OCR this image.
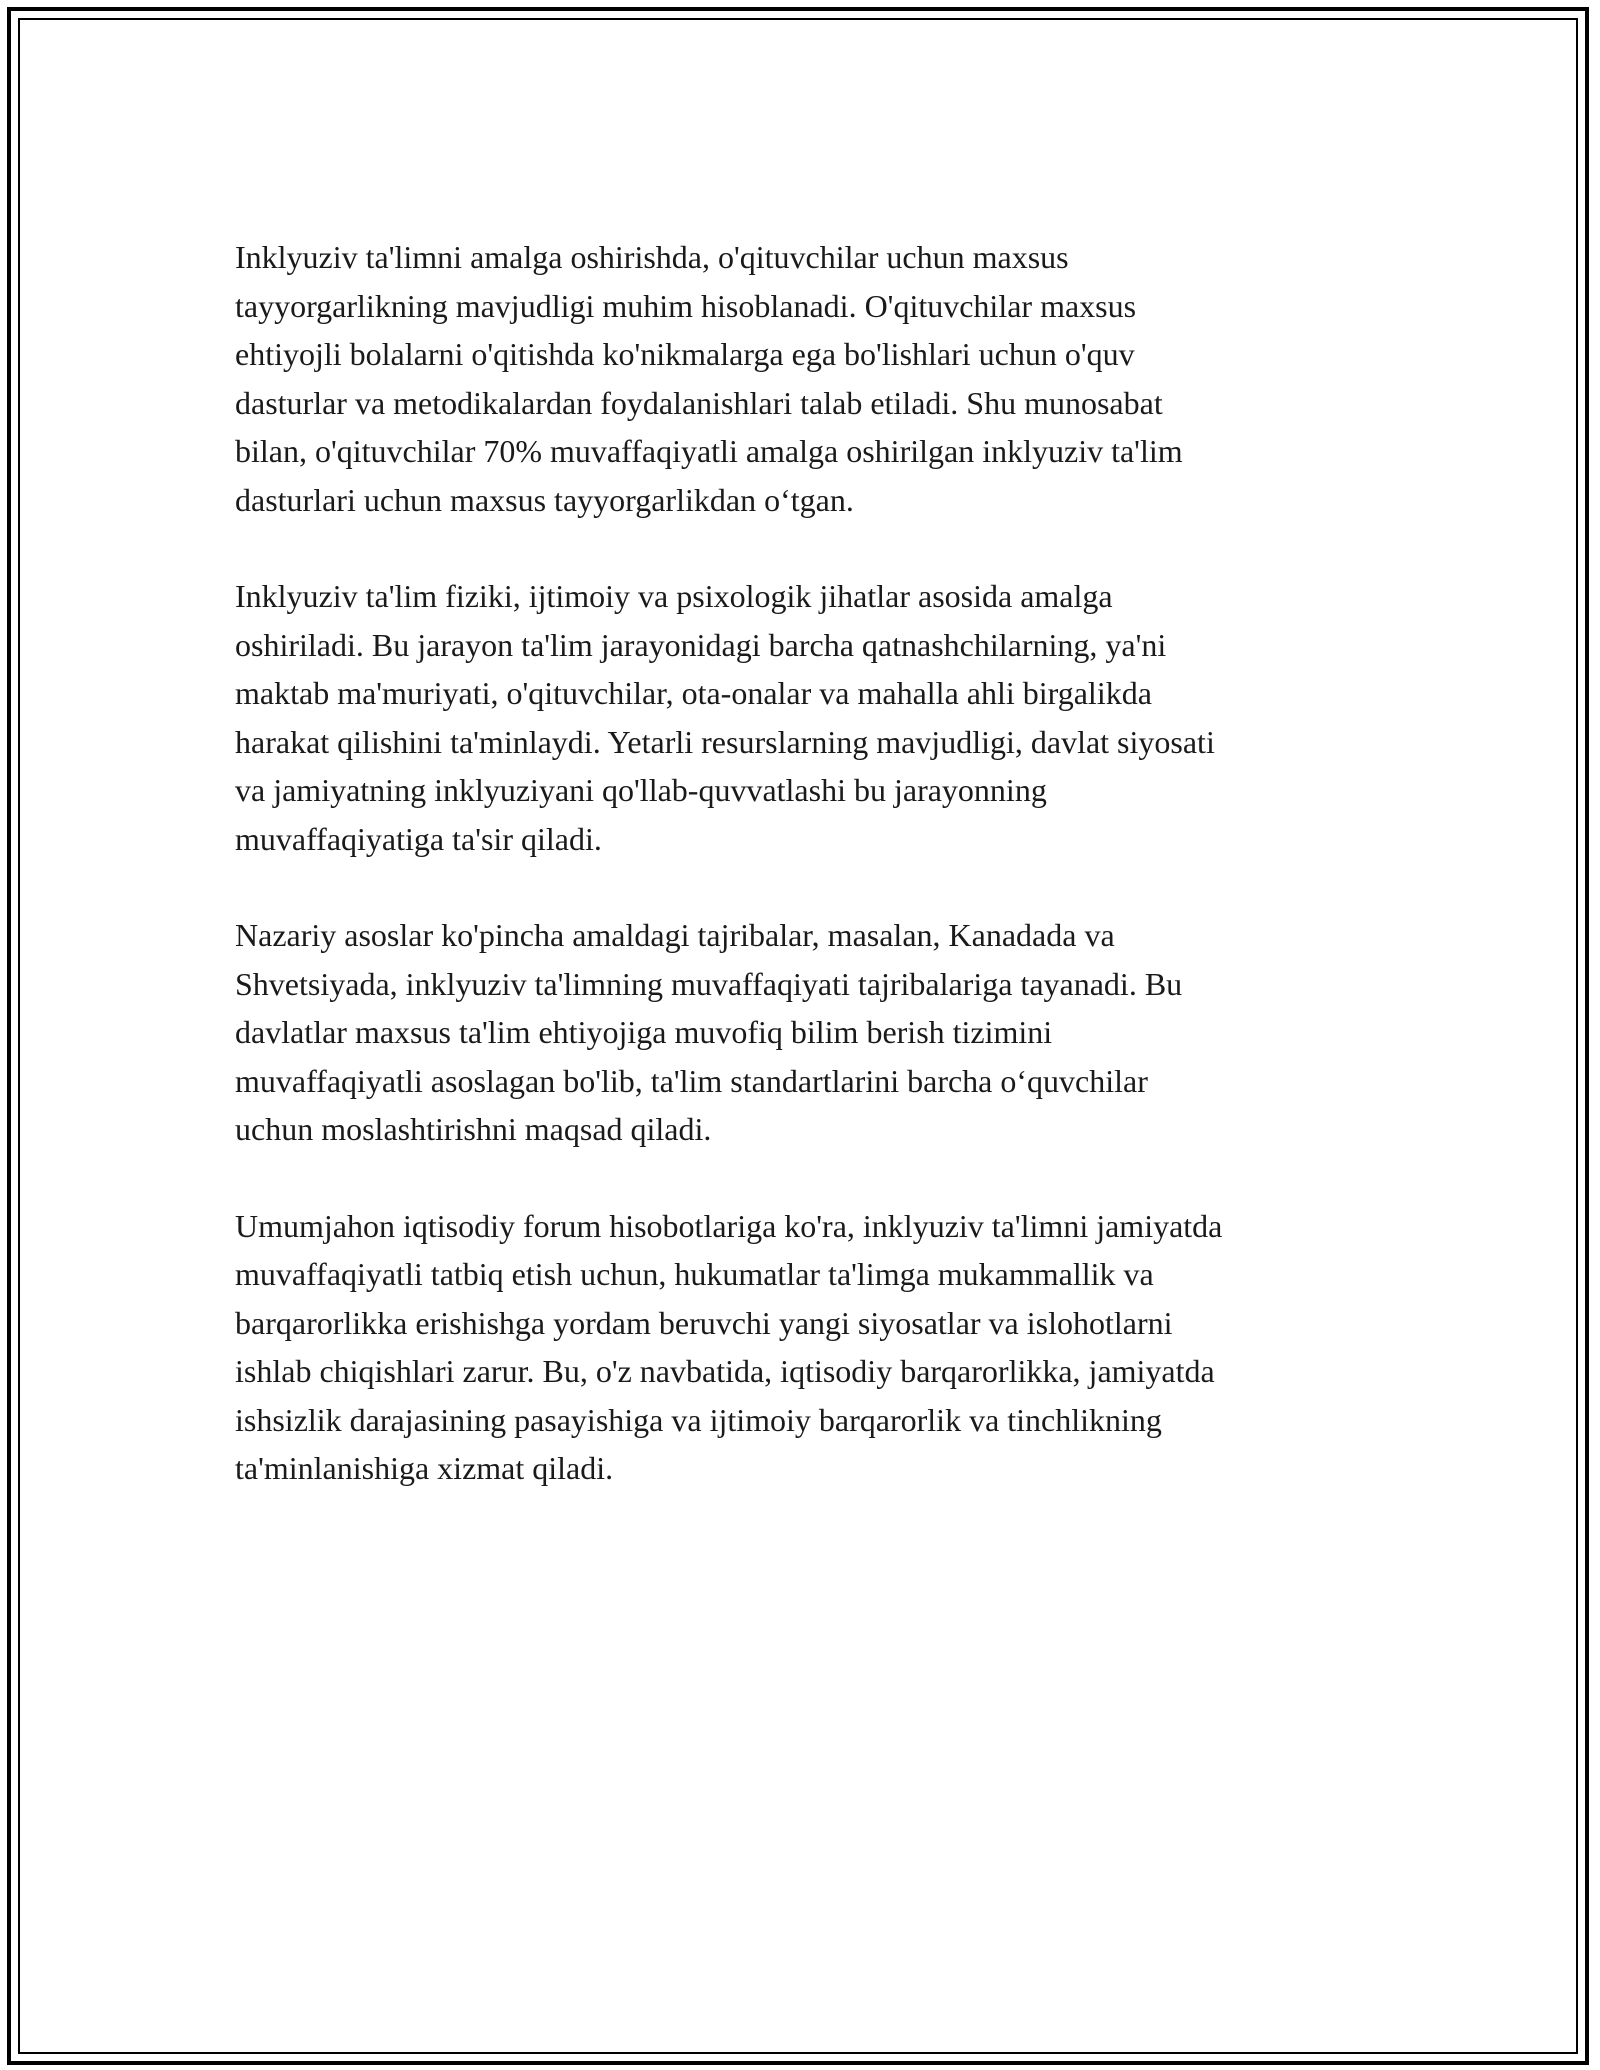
Inklyuziv ta'limni amalga oshirishda, o'qituvchilar uchun maxsus
tayyorgarlikning mavjudligi muhim hisoblanadi. O'qituvchilar maxsus
ehtiyojli bolalarni o'qitishda ko'nikmalarga ega bo'lishlari uchun o'quv
dasturlar va metodikalardan foydalanishlari talab etiladi. Shu munosabat
bilan, o'qituvchilar 70% muvaffaqiyatli amalga oshirilgan inklyuziv ta'lim
dasturlari uchun maxsus tayyorgarlikdan o‘tgan.

Inklyuziv ta'lim fiziki, ijtimoiy va psixologik jihatlar asosida amalga
oshiriladi. Bu jarayon ta'lim jarayonidagi barcha qatnashchilarning, ya'ni
maktab ma'muriyati, o'qituvchilar, ota-onalar va mahalla ahli birgalikda
harakat qilishini ta'minlaydi. Yetarli resurslarning mavjudligi, davlat siyosati
va jamiyatning inklyuziyani qo'llab-quvvatlashi bu jarayonning
muvaffaqiyatiga ta'sir qiladi.

Nazariy asoslar ko'pincha amaldagi tajribalar, masalan, Kanadada va
Shvetsiyada, inklyuziv ta'limning muvaffaqiyati tajribalariga tayanadi. Bu
davlatlar maxsus ta'lim ehtiyojiga muvofiq bilim berish tizimini
muvaffaqiyatli asoslagan bo'lib, ta'lim standartlarini barcha o‘quvchilar
uchun moslashtirishni maqsad qiladi.

Umumjahon iqtisodiy forum hisobotlariga ko'ra, inklyuziv ta'limni jamiyatda
muvaffaqiyatli tatbiq etish uchun, hukumatlar ta'limga mukammallik va
barqarorlikka erishishga yordam beruvchi yangi siyosatlar va islohotlarni
ishlab chiqishlari zarur. Bu, o'z navbatida, iqtisodiy barqarorlikka, jamiyatda
ishsizlik darajasining pasayishiga va ijtimoiy barqarorlik va tinchlikning
ta'minlanishiga xizmat qiladi.
